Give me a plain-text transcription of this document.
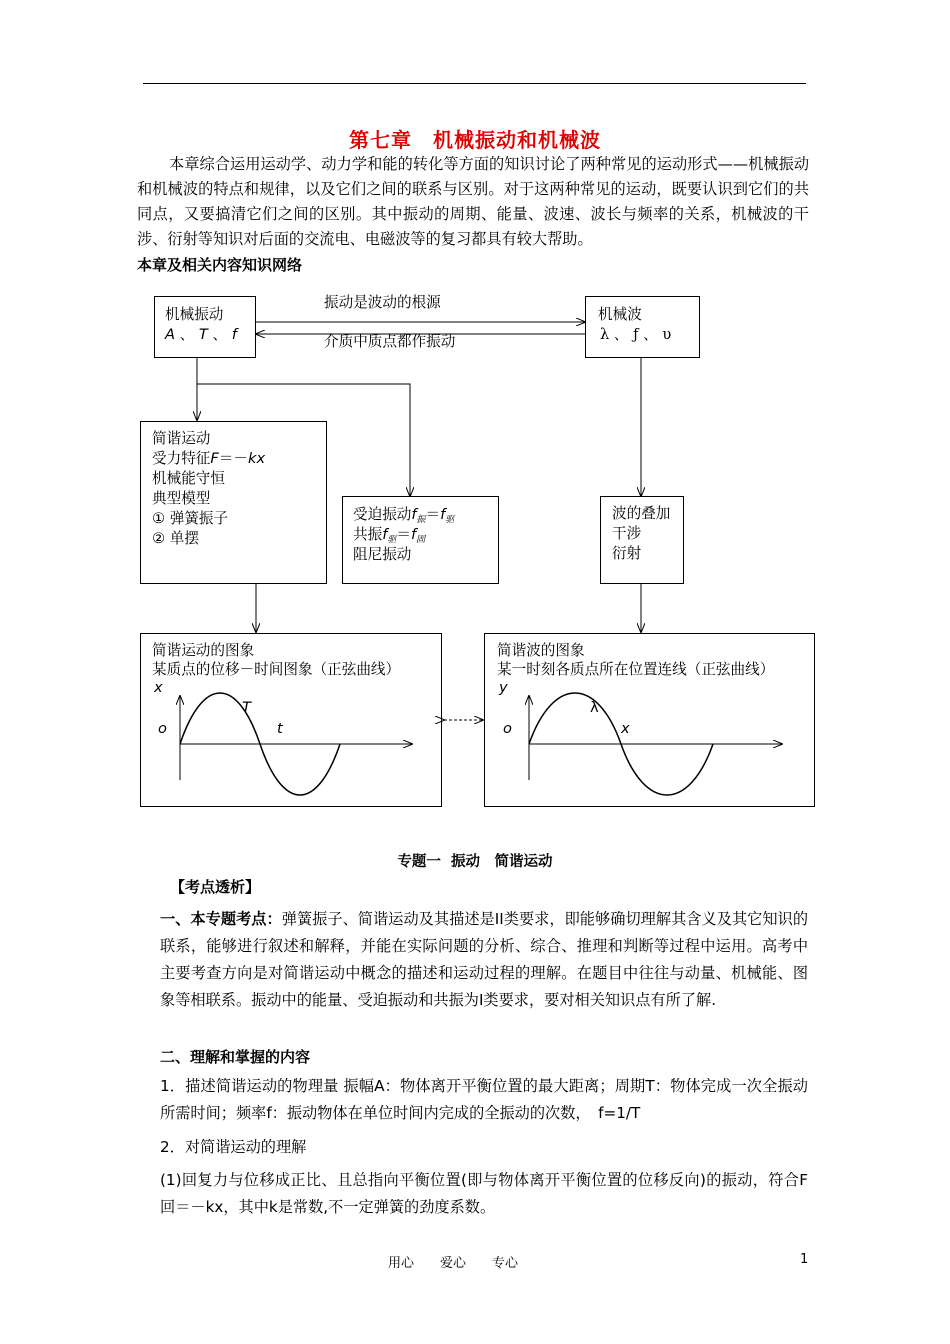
第七章　机械振动和机械波
本章综合运用运动学、动力学和能的转化等方面的知识讨论了两种常见的运动形式——机械振动和机械波的特点和规律，以及它们之间的联系与区别。对于这两种常见的运动，既要认识到它们的共同点，又要搞清它们之间的区别。其中振动的周期、能量、波速、波长与频率的关系，机械波的干涉、衍射等知识对后面的交流电、电磁波等的复习都具有较大帮助。
本章及相关内容知识网络
振动是波动的根源
介质中质点都作振动
机械振动
A 、 T 、 f
机械波
λ 、 ƒ 、 υ
简谐运动
受力特征F＝－kx
机械能守恒
典型模型
① 弹簧振子
② 单摆
受迫振动$f_振=f_驱$
共振$f_驱=f_固$
阻尼振动
波的叠加
干涉
衍射
简谐运动的图象
某质点的位移－时间图象（正弦曲线）
x
o
T
t
简谐波的图象
某一时刻各质点所在位置连线（正弦曲线）
y
o
λ
x
专题一  振动　简谐运动
【考点透析】
一、本专题考点：弹簧振子、简谐运动及其描述是II类要求，即能够确切理解其含义及其它知识的联系，能够进行叙述和解释，并能在实际问题的分析、综合、推理和判断等过程中运用。高考中主要考查方向是对简谐运动中概念的描述和运动过程的理解。在题目中往往与动量、机械能、图象等相联系。振动中的能量、受迫振动和共振为I类要求，要对相关知识点有所了解.
二、理解和掌握的内容
1．描述简谐运动的物理量 振幅A：物体离开平衡位置的最大距离；周期T：物体完成一次全振动所需时间；频率f：振动物体在单位时间内完成的全振动的次数，　f=1/T
2．对简谐运动的理解
(1)回复力与位移成正比、且总指向平衡位置(即与物体离开平衡位置的位移反向)的振动，符合F回＝－kx，其中k是常数,不一定弹簧的劲度系数。
用心　　爱心　　专心	1
